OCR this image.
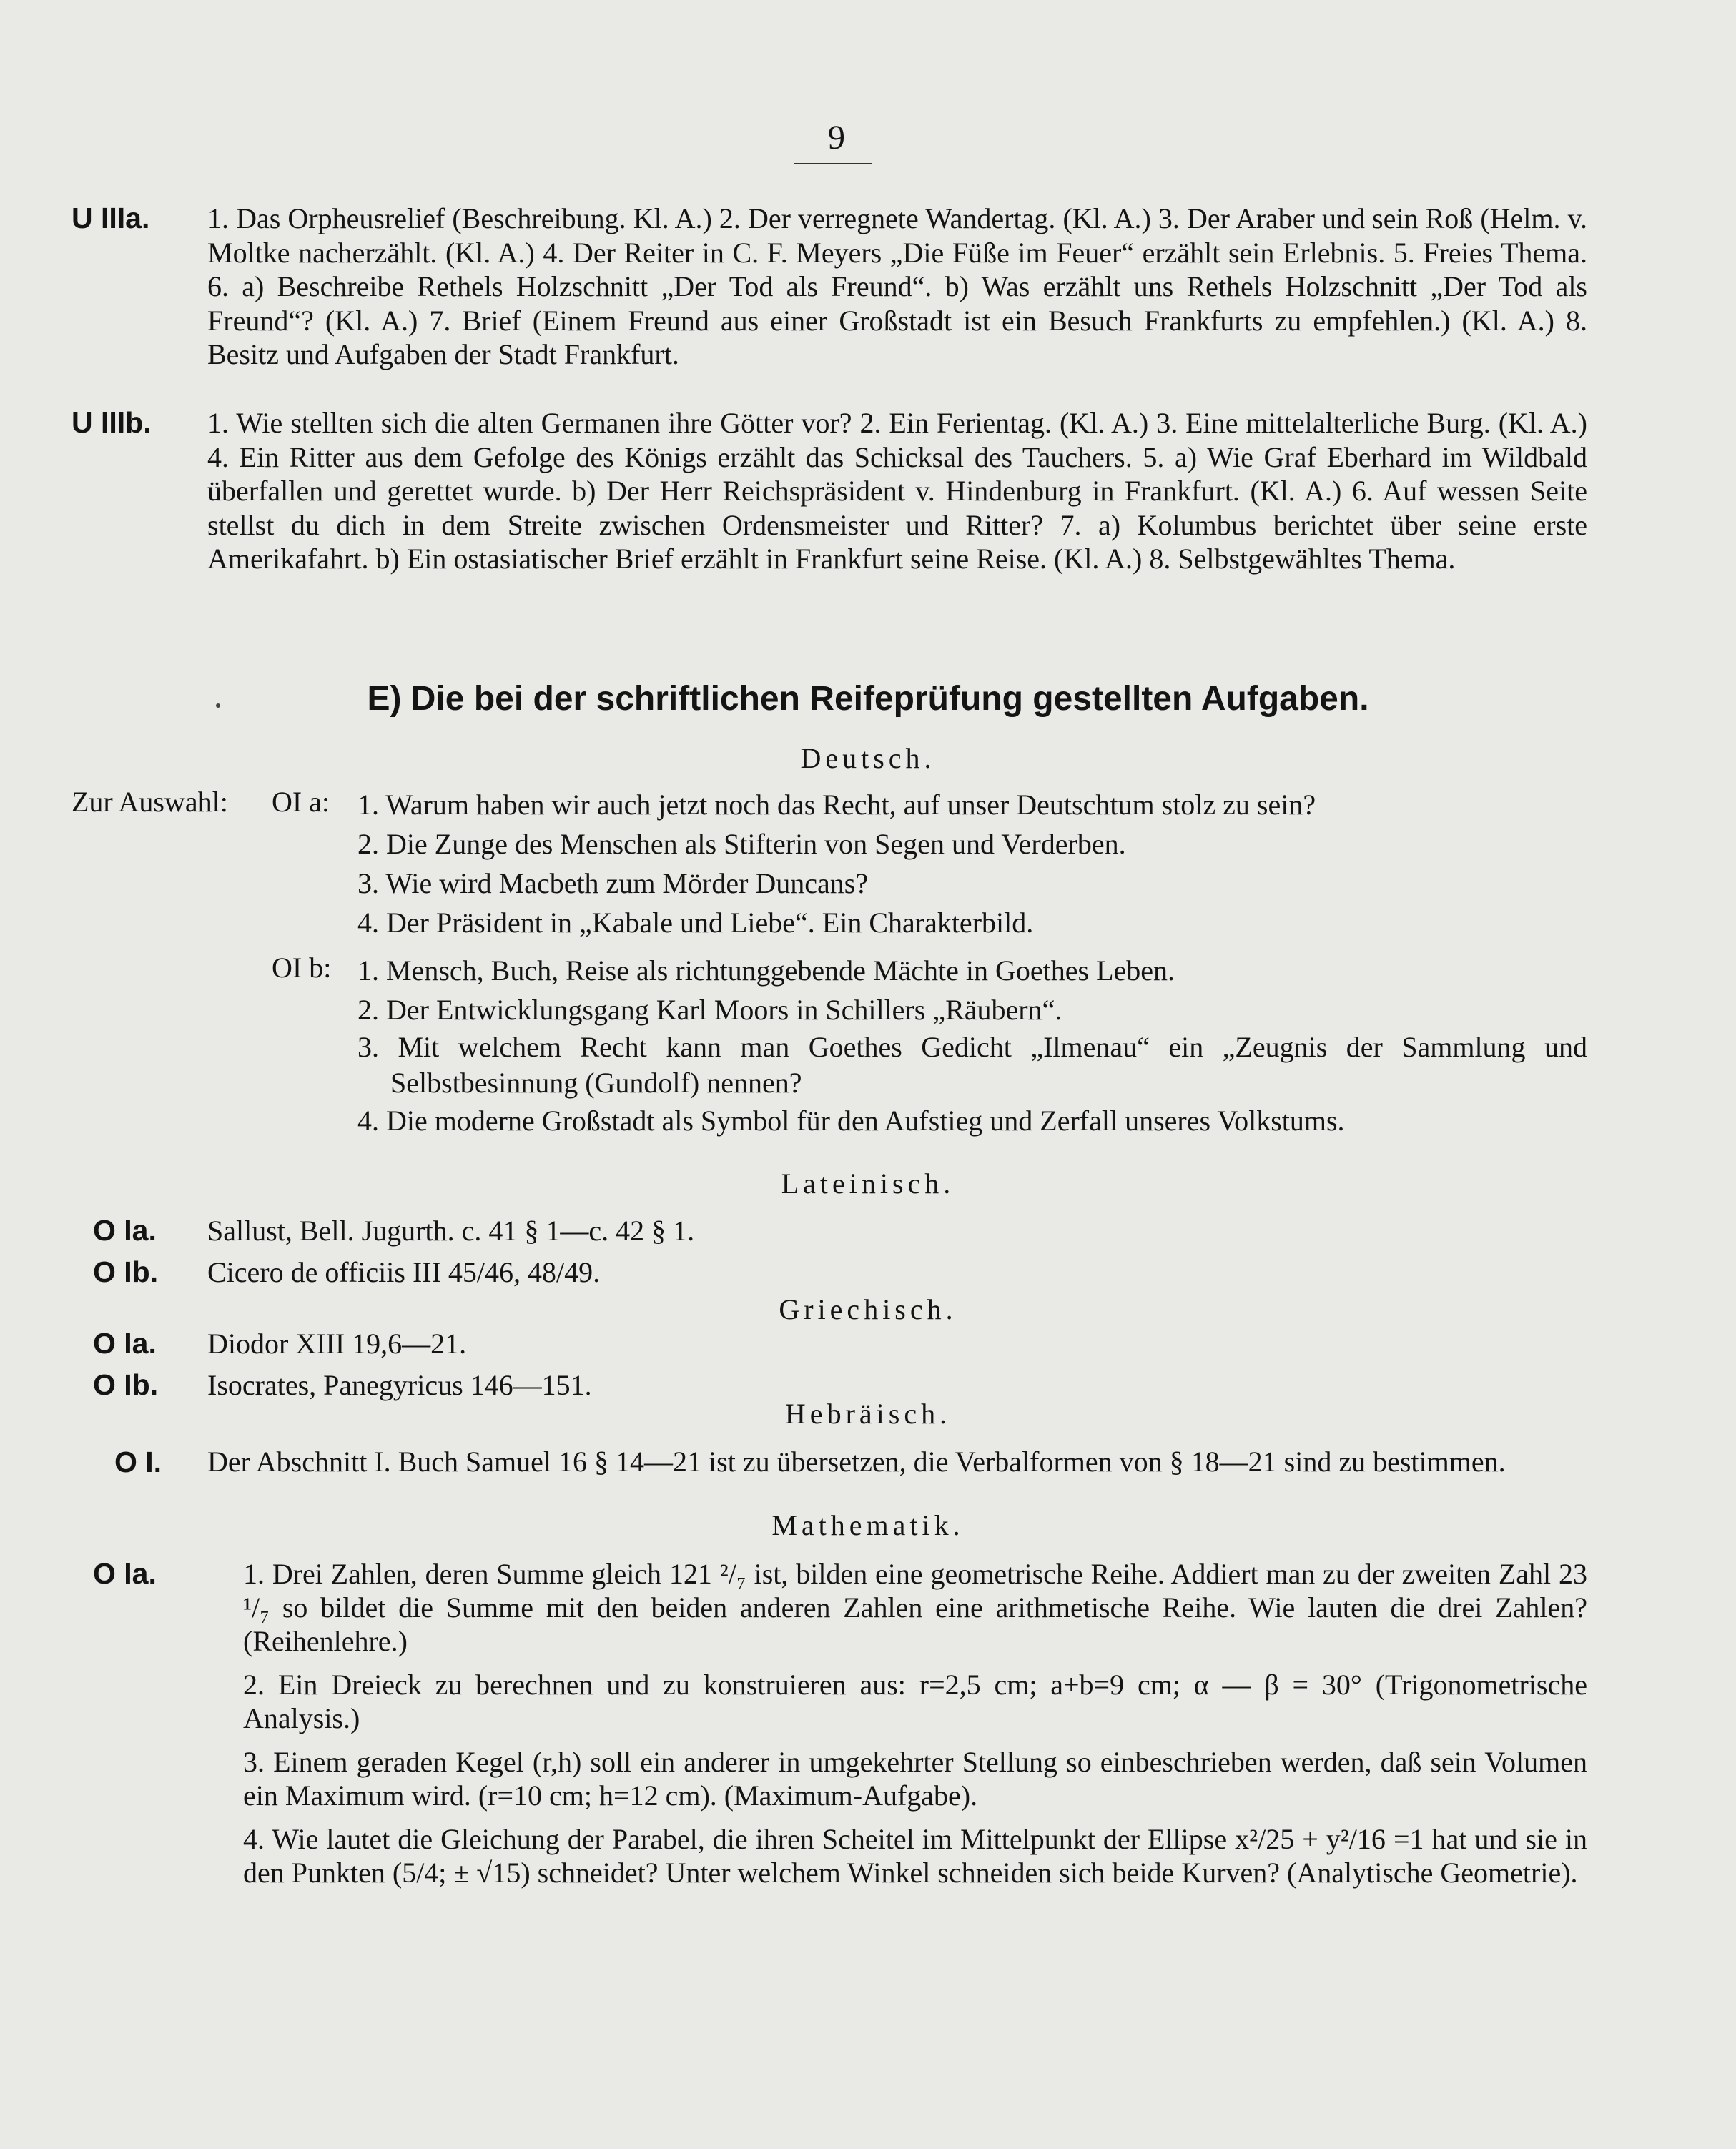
9
U IIIa. 1. Das Orpheusrelief (Beschreibung. Kl. A.) 2. Der verregnete Wandertag. (Kl. A.) 3. Der Araber und sein Roß (Helm. v. Moltke nacherzählt. (Kl. A.) 4. Der Reiter in C. F. Meyers „Die Füße im Feuer“ erzählt sein Erlebnis. 5. Freies Thema. 6. a) Beschreibe Rethels Holzschnitt „Der Tod als Freund“. b) Was erzählt uns Rethels Holzschnitt „Der Tod als Freund“? (Kl. A.) 7. Brief (Einem Freund aus einer Großstadt ist ein Besuch Frankfurts zu empfehlen.) (Kl. A.) 8. Besitz und Aufgaben der Stadt Frankfurt.
U IIIb. 1. Wie stellten sich die alten Germanen ihre Götter vor? 2. Ein Ferientag. (Kl. A.) 3. Eine mittelalterliche Burg. (Kl. A.) 4. Ein Ritter aus dem Gefolge des Königs erzählt das Schicksal des Tauchers. 5. a) Wie Graf Eberhard im Wildbald überfallen und gerettet wurde. b) Der Herr Reichspräsident v. Hindenburg in Frankfurt. (Kl. A.) 6. Auf wessen Seite stellst du dich in dem Streite zwischen Ordensmeister und Ritter? 7. a) Kolumbus berichtet über seine erste Amerikafahrt. b) Ein ostasiatischer Brief erzählt in Frankfurt seine Reise. (Kl. A.) 8. Selbstgewähltes Thema.
E) Die bei der schriftlichen Reifeprüfung gestellten Aufgaben.
Deutsch.
Zur Auswahl: OI a: 1. Warum haben wir auch jetzt noch das Recht, auf unser Deutschtum stolz zu sein?
2. Die Zunge des Menschen als Stifterin von Segen und Verderben.
3. Wie wird Macbeth zum Mörder Duncans?
4. Der Präsident in „Kabale und Liebe“. Ein Charakterbild.
OI b: 1. Mensch, Buch, Reise als richtunggebende Mächte in Goethes Leben.
2. Der Entwicklungsgang Karl Moors in Schillers „Räubern“.
3. Mit welchem Recht kann man Goethes Gedicht „Ilmenau“ ein „Zeugnis der Sammlung und Selbstbesinnung (Gundolf) nennen?
4. Die moderne Großstadt als Symbol für den Aufstieg und Zerfall unseres Volkstums.
Lateinisch.
O Ia. Sallust, Bell. Jugurth. c. 41 § 1—c. 42 § 1.
O Ib. Cicero de officiis III 45/46, 48/49.
Griechisch.
O Ia. Diodor XIII 19,6—21.
O Ib. Isocrates, Panegyricus 146—151.
Hebräisch.
O I. Der Abschnitt I. Buch Samuel 16 § 14—21 ist zu übersetzen, die Verbalformen von § 18—21 sind zu bestimmen.
Mathematik.
O Ia.	1. Drei Zahlen, deren Summe gleich 121 ²/₇ ist, bilden eine geometrische Reihe. Addiert man zu der zweiten Zahl 23 ¹/₇ so bildet die Summe mit den beiden anderen Zahlen eine arithmetische Reihe. Wie lauten die drei Zahlen? (Reihenlehre.)
2. Ein Dreieck zu berechnen und zu konstruieren aus: r=2,5 cm; a+b=9 cm; α — β = 30° (Trigonometrische Analysis.)
3. Einem geraden Kegel (r,h) soll ein anderer in umgekehrter Stellung so einbeschrieben werden, daß sein Volumen ein Maximum wird. (r=10 cm; h=12 cm). (Maximum-Aufgabe).
4. Wie lautet die Gleichung der Parabel, die ihren Scheitel im Mittelpunkt der Ellipse x²/25 + y²/16 =1 hat und sie in den Punkten (5/4; ± √15) schneidet? Unter welchem Winkel schneiden sich beide Kurven? (Analytische Geometrie).
